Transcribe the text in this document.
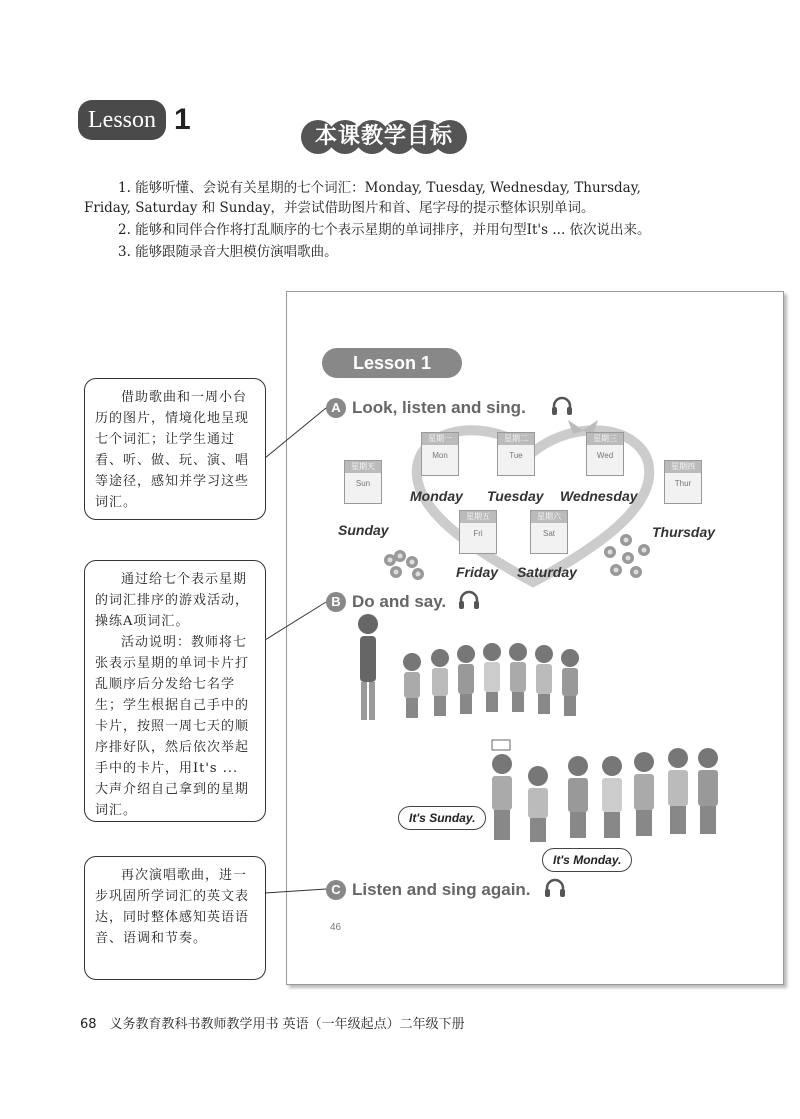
Lesson 1
本课教学目标
1. 能够听懂、会说有关星期的七个词汇：Monday, Tuesday, Wednesday, Thursday,
Friday, Saturday 和 Sunday，并尝试借助图片和首、尾字母的提示整体识别单词。
2. 能够和同伴合作将打乱顺序的七个表示星期的单词排序，并用句型It's ... 依次说出来。
3. 能够跟随录音大胆模仿演唱歌曲。
Lesson 1
A Look, listen and sing.
星期天
Sun
Sunday
星期一
Mon
Monday
星期二
Tue
Tuesday
星期三
Wed
Wednesday
星期四
Thur
Thursday
星期五
Fri
Friday
星期六
Sat
Saturday
B Do and say.
It's Sunday.
It's Monday.
C Listen and sing again.
46

借助歌曲和一周小台历的图片，情境化地呈现七个词汇；让学生通过看、听、做、玩、演、唱等途径，感知并学习这些词汇。

通过给七个表示星期的词汇排序的游戏活动，操练A项词汇。

活动说明：教师将七张表示星期的单词卡片打乱顺序后分发给七名学生；学生根据自己手中的卡片，按照一周七天的顺序排好队，然后依次举起手中的卡片，用It's ... 大声介绍自己拿到的星期词汇。

再次演唱歌曲，进一步巩固所学词汇的英文表达，同时整体感知英语语音、语调和节奏。

68　义务教育教科书教师教学用书 英语（一年级起点）二年级下册
